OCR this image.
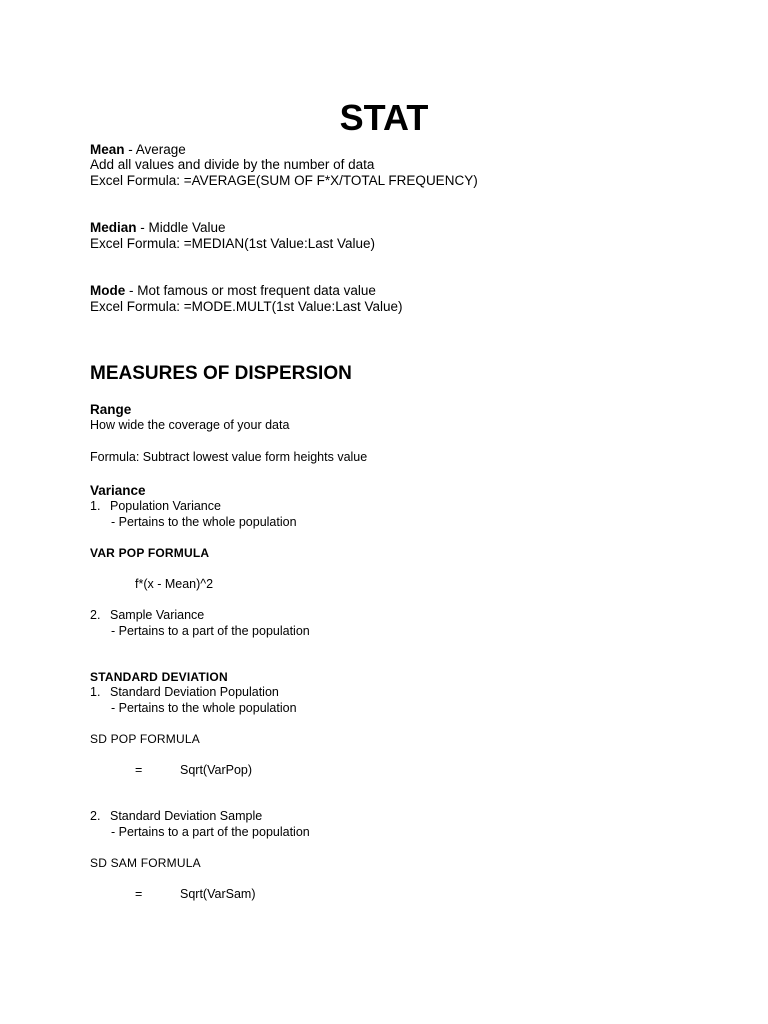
STAT
Mean - Average
Add all values and divide by the number of data
Excel Formula: =AVERAGE(SUM OF F*X/TOTAL FREQUENCY)
Median - Middle Value
Excel Formula: =MEDIAN(1st Value:Last Value)
Mode - Mot famous or most frequent data value
Excel Formula: =MODE.MULT(1st Value:Last Value)
MEASURES OF DISPERSION
Range
How wide the coverage of your data
Formula: Subtract lowest value form heights value
Variance
1. Population Variance
- Pertains to the whole population
VAR POP FORMULA
f*(x - Mean)^2
2. Sample Variance
- Pertains to a part of the population
STANDARD DEVIATION
1. Standard Deviation Population
- Pertains to the whole population
SD POP FORMULA
=	Sqrt(VarPop)
2. Standard Deviation Sample
- Pertains to a part of the population
SD SAM FORMULA
=	Sqrt(VarSam)
